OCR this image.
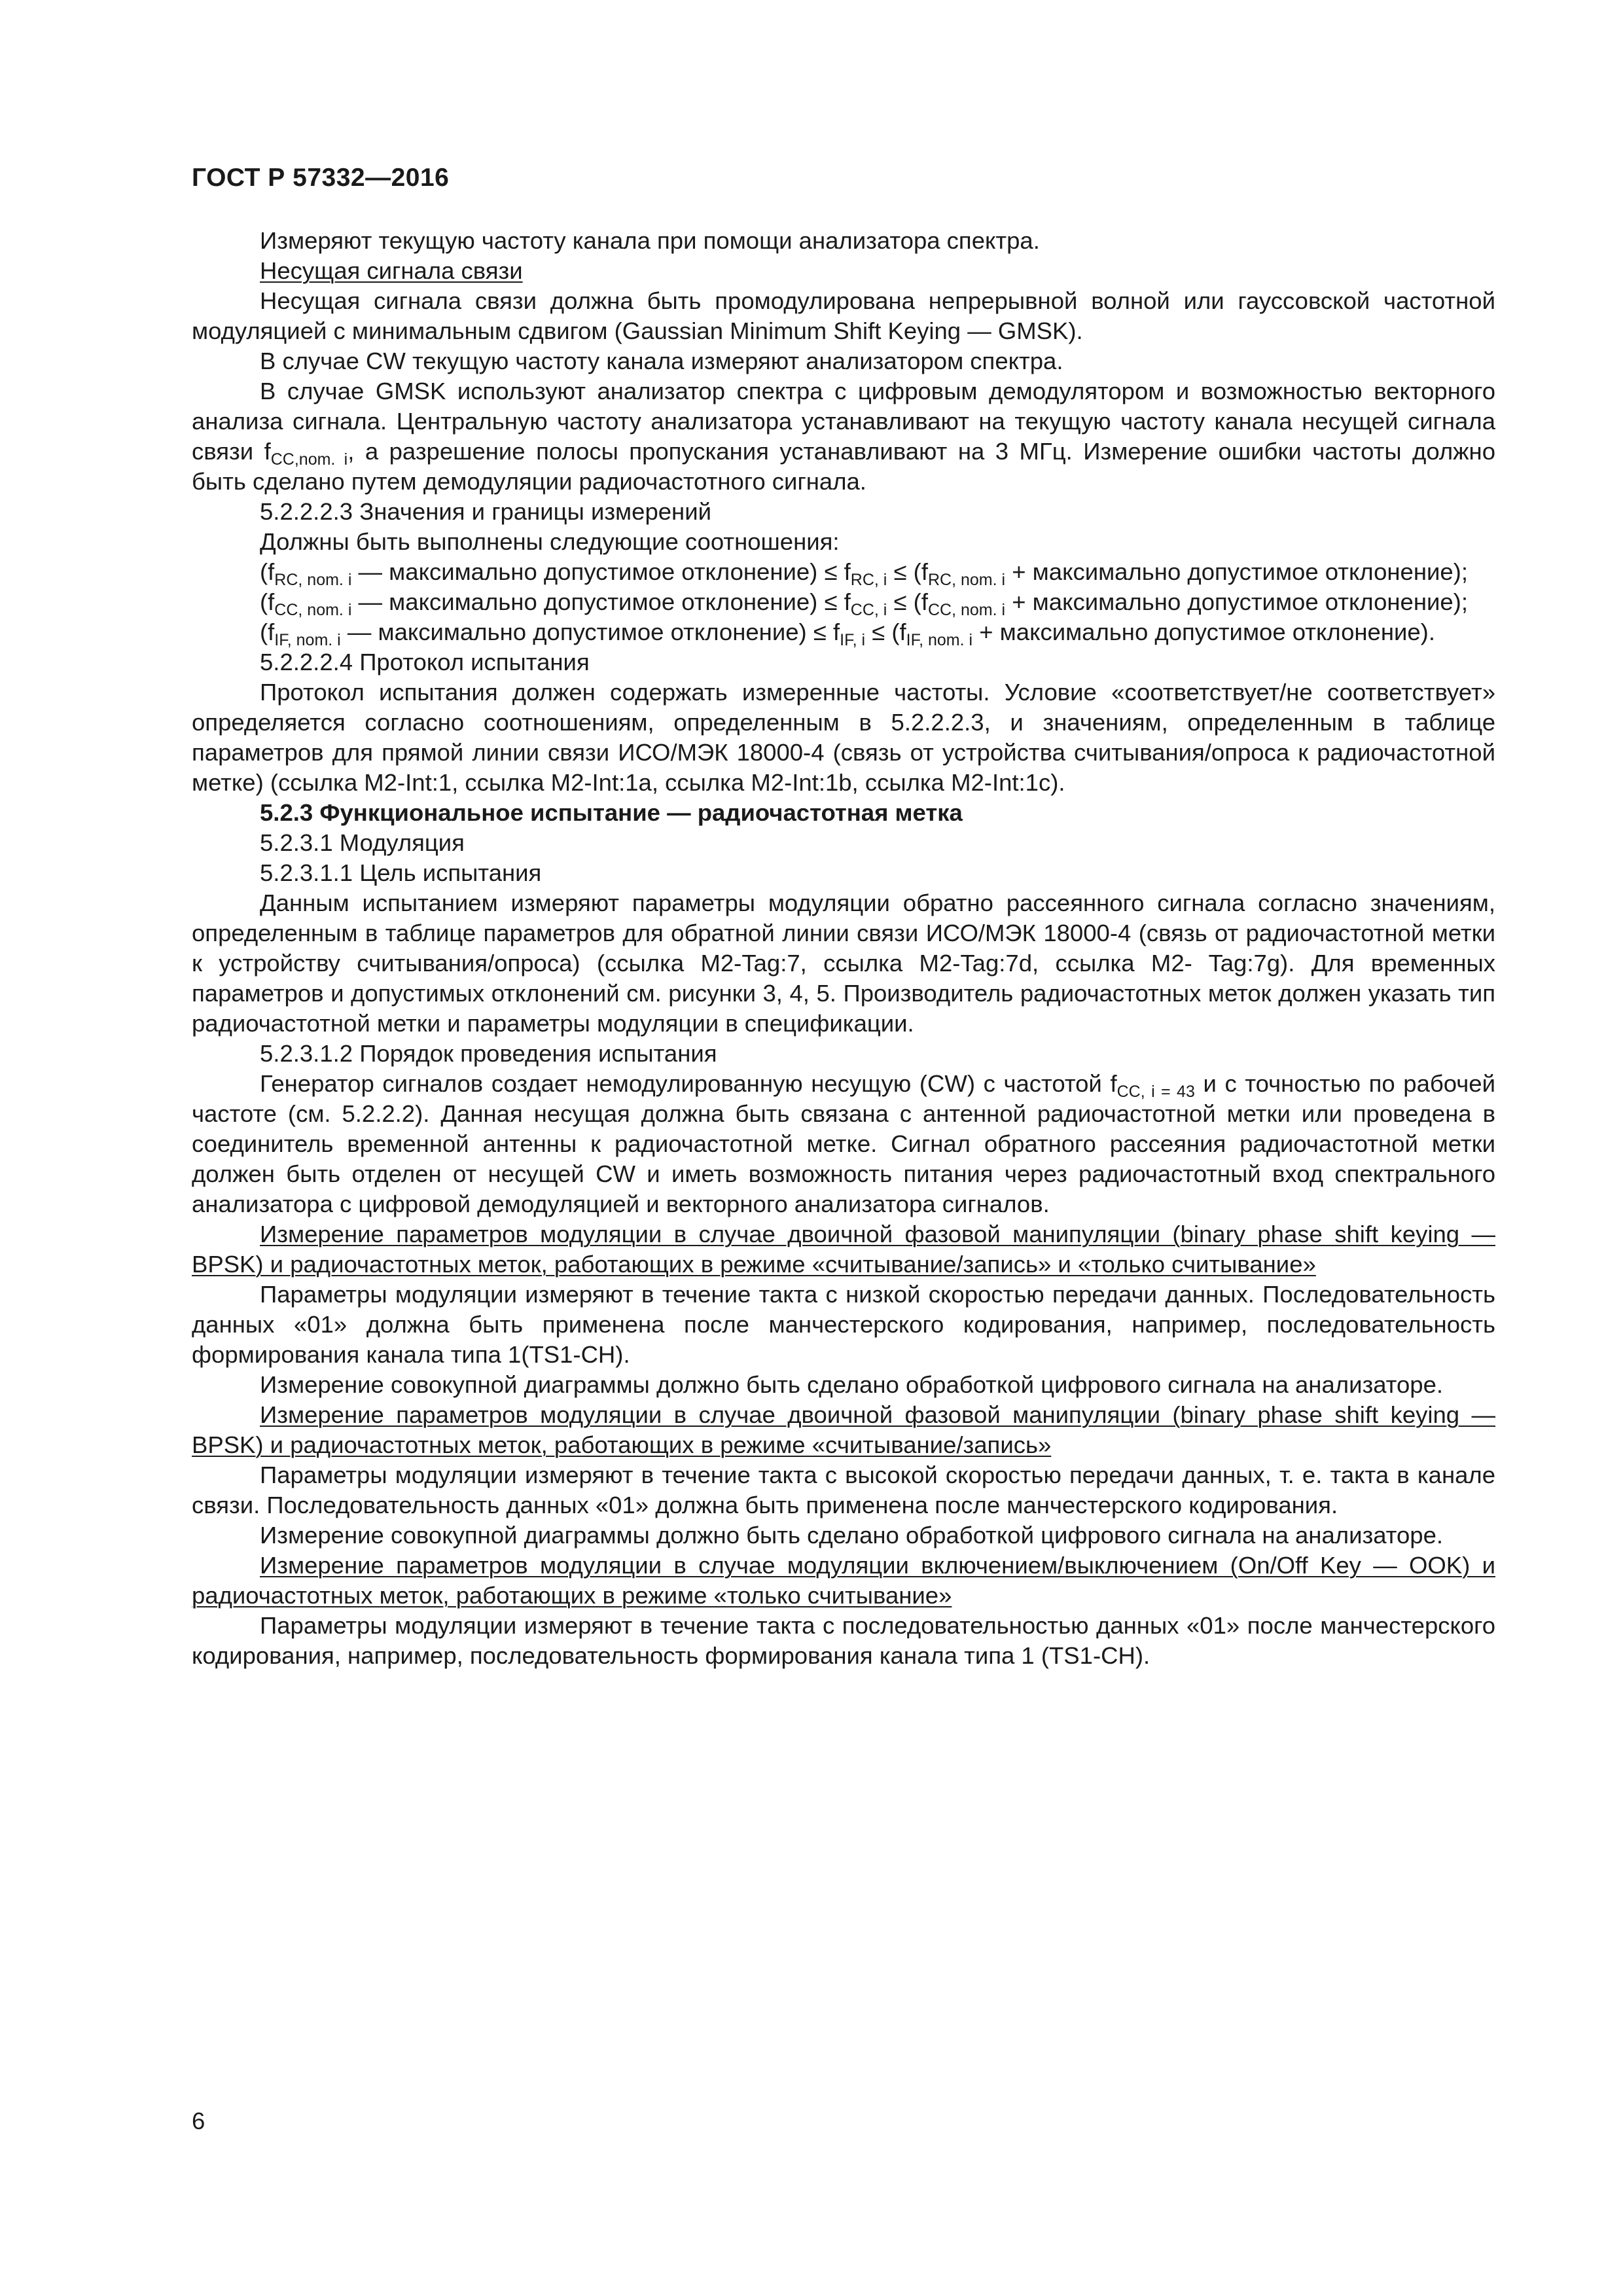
ГОСТ Р 57332—2016

Измеряют текущую частоту канала при помощи анализатора спектра.

Несущая сигнала связи

Несущая сигнала связи должна быть промодулирована непрерывной волной или гауссовской частотной модуляцией с минимальным сдвигом (Gaussian Minimum Shift Keying — GMSK).

В случае CW текущую частоту канала измеряют анализатором спектра.

В случае GMSK используют анализатор спектра с цифровым демодулятором и возможностью векторного анализа сигнала. Центральную частоту анализатора устанавливают на текущую частоту канала несущей сигнала связи $f_{CC,nom. i}$, а разрешение полосы пропускания устанавливают на 3 МГц. Измерение ошибки частоты должно быть сделано путем демодуляции радиочастотного сигнала.

5.2.2.2.3 Значения и границы измерений

Должны быть выполнены следующие соотношения:

($f_{RC, nom. i}$ — максимально допустимое отклонение) ≤ $f_{RC, i} \le (f_{RC, nom. i}$ + максимально допустимое отклонение);

($f_{CC, nom. i}$ — максимально допустимое отклонение) ≤ $f_{CC, i} \le (f_{CC, nom. i}$ + максимально допустимое отклонение);

($f_{IF, nom. i}$ — максимально допустимое отклонение) ≤ $f_{IF, i} \le (f_{IF, nom. i}$ + максимально допустимое отклонение).

5.2.2.2.4 Протокол испытания

Протокол испытания должен содержать измеренные частоты. Условие «соответствует/не соответствует» определяется согласно соотношениям, определенным в 5.2.2.2.3, и значениям, определенным в таблице параметров для прямой линии связи ИСО/МЭК 18000-4 (связь от устройства считывания/опроса к радиочастотной метке) (ссылка M2-Int:1, ссылка M2-Int:1a, ссылка M2-Int:1b, ссылка M2-Int:1c).

5.2.3 Функциональное испытание — радиочастотная метка

5.2.3.1 Модуляция

5.2.3.1.1 Цель испытания

Данным испытанием измеряют параметры модуляции обратно рассеянного сигнала согласно значениям, определенным в таблице параметров для обратной линии связи ИСО/МЭК 18000-4 (связь от радиочастотной метки к устройству считывания/опроса) (ссылка M2-Tag:7, ссылка M2-Tag:7d, ссылка M2- Tag:7g). Для временных параметров и допустимых отклонений см. рисунки 3, 4, 5. Производитель радиочастотных меток должен указать тип радиочастотной метки и параметры модуляции в спецификации.

5.2.3.1.2 Порядок проведения испытания

Генератор сигналов создает немодулированную несущую (CW) с частотой $f_{CC, i = 43}$ и с точностью по рабочей частоте (см. 5.2.2.2). Данная несущая должна быть связана с антенной радиочастотной метки или проведена в соединитель временной антенны к радиочастотной метке. Сигнал обратного рассеяния радиочастотной метки должен быть отделен от несущей CW и иметь возможность питания через радиочастотный вход спектрального анализатора с цифровой демодуляцией и векторного анализатора сигналов.

Измерение параметров модуляции в случае двоичной фазовой манипуляции (binary phase shift keying — BPSK) и радиочастотных меток, работающих в режиме «считывание/запись» и «только считывание»

Параметры модуляции измеряют в течение такта с низкой скоростью передачи данных. Последовательность данных «01» должна быть применена после манчестерского кодирования, например, последовательность формирования канала типа 1(TS1-CH).

Измерение совокупной диаграммы должно быть сделано обработкой цифрового сигнала на анализаторе.

Измерение параметров модуляции в случае двоичной фазовой манипуляции (binary phase shift keying — BPSK) и радиочастотных меток, работающих в режиме «считывание/запись»

Параметры модуляции измеряют в течение такта с высокой скоростью передачи данных, т. е. такта в канале связи. Последовательность данных «01» должна быть применена после манчестерского кодирования.

Измерение совокупной диаграммы должно быть сделано обработкой цифрового сигнала на анализаторе.

Измерение параметров модуляции в случае модуляции включением/выключением (On/Off Key — OOK) и радиочастотных меток, работающих в режиме «только считывание»

Параметры модуляции измеряют в течение такта с последовательностью данных «01» после манчестерского кодирования, например, последовательность формирования канала типа 1 (TS1-CH).

6
